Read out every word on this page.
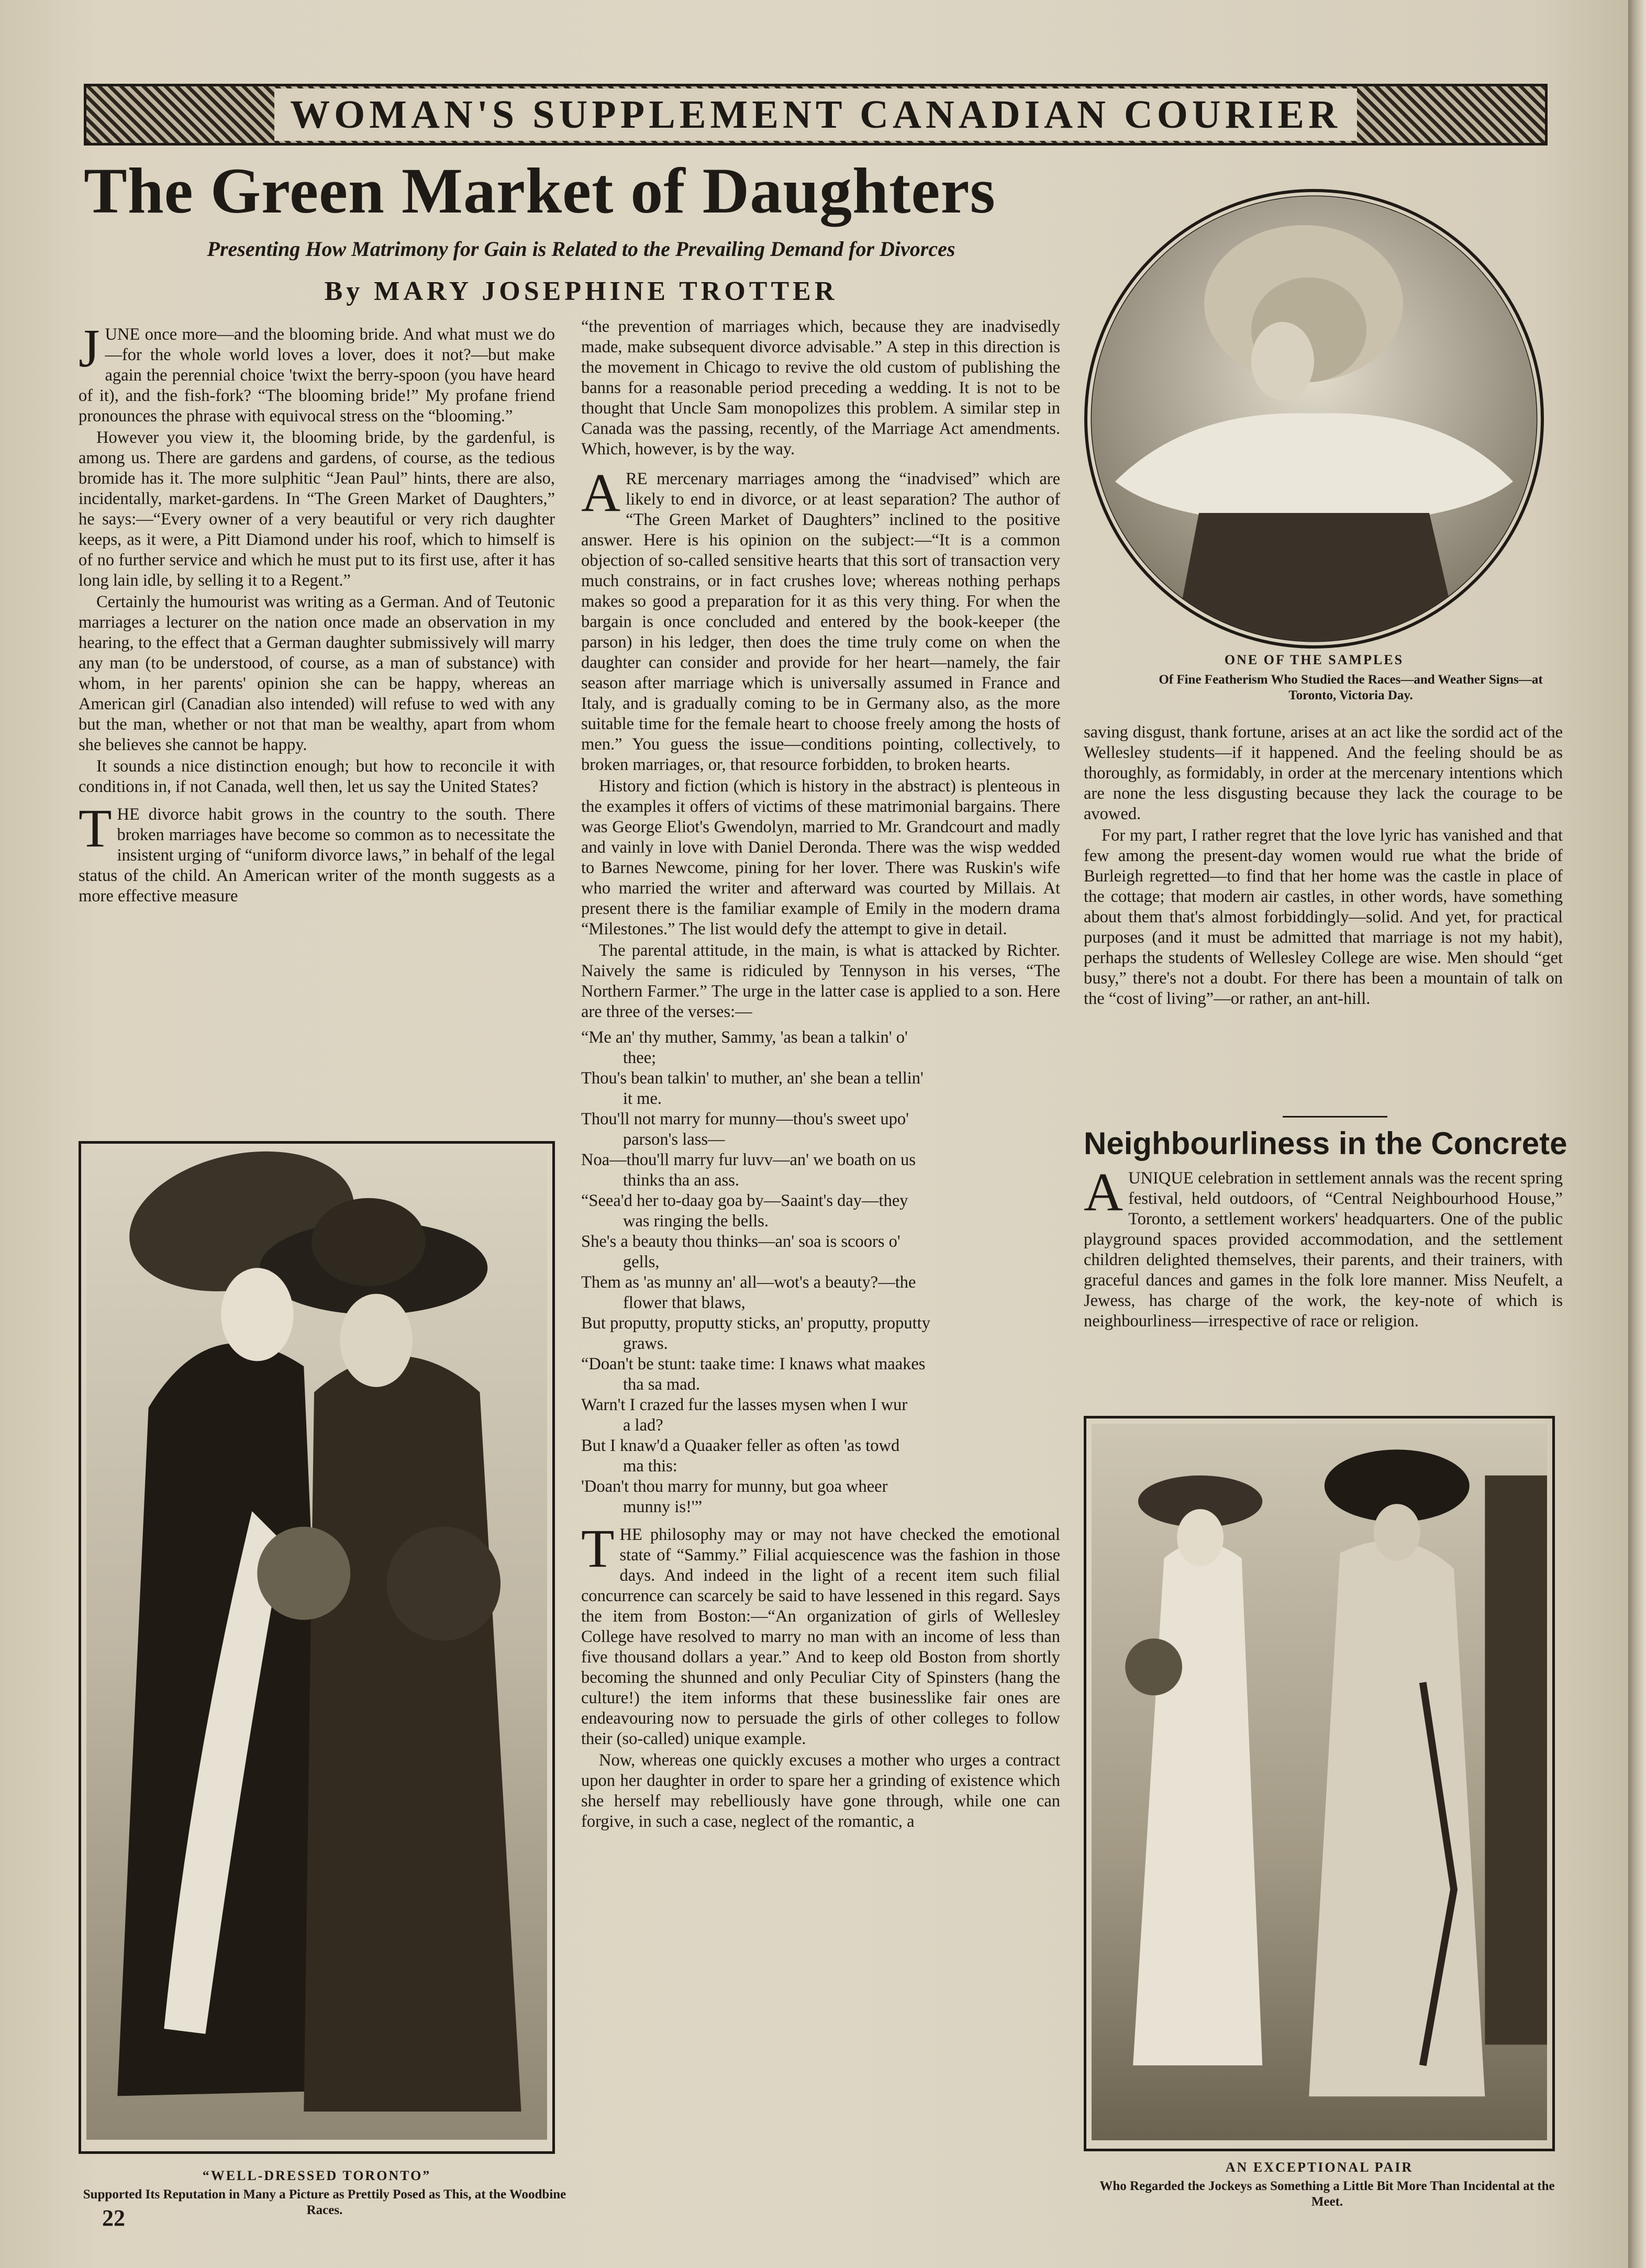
WOMAN'S SUPPLEMENT CANADIAN COURIER
The Green Market of Daughters
Presenting How Matrimony for Gain is Related to the Prevailing Demand for Divorces
By MARY JOSEPHINE TROTTER

JUNE once more—and the blooming bride. And what must we do—for the whole world loves a lover, does it not?—but make again the perennial choice 'twixt the berry-spoon (you have heard of it), and the fish-fork? “The blooming bride!” My profane friend pronounces the phrase with equivocal stress on the “blooming.”

However you view it, the blooming bride, by the gardenful, is among us. There are gardens and gardens, of course, as the tedious bromide has it. The more sulphitic “Jean Paul” hints, there are also, incidentally, market-gardens. In “The Green Market of Daughters,” he says:—“Every owner of a very beautiful or very rich daughter keeps, as it were, a Pitt Diamond under his roof, which to himself is of no further service and which he must put to its first use, after it has long lain idle, by selling it to a Regent.”

Certainly the humourist was writing as a German. And of Teutonic marriages a lecturer on the nation once made an observation in my hearing, to the effect that a German daughter submissively will marry any man (to be understood, of course, as a man of substance) with whom, in her parents' opinion she can be happy, whereas an American girl (Canadian also intended) will refuse to wed with any but the man, whether or not that man be wealthy, apart from whom she believes she cannot be happy.

It sounds a nice distinction enough; but how to reconcile it with conditions in, if not Canada, well then, let us say the United States?

THE divorce habit grows in the country to the south. There broken marriages have become so common as to necessitate the insistent urging of “uniform divorce laws,” in behalf of the legal status of the child. An American writer of the month suggests as a more effective measure

“WELL-DRESSED TORONTO”
Supported Its Reputation in Many a Picture as Prettily Posed as This, at the Woodbine Races.

“the prevention of marriages which, because they are inadvisedly made, make subsequent divorce advisable.” A step in this direction is the movement in Chicago to revive the old custom of publishing the banns for a reasonable period preceding a wedding. It is not to be thought that Uncle Sam monopolizes this problem. A similar step in Canada was the passing, recently, of the Marriage Act amendments. Which, however, is by the way.

ARE mercenary marriages among the “inadvised” which are likely to end in divorce, or at least separation? The author of “The Green Market of Daughters” inclined to the positive answer. Here is his opinion on the subject:—“It is a common objection of so-called sensitive hearts that this sort of transaction very much constrains, or in fact crushes love; whereas nothing perhaps makes so good a preparation for it as this very thing. For when the bargain is once concluded and entered by the book-keeper (the parson) in his ledger, then does the time truly come on when the daughter can consider and provide for her heart—namely, the fair season after marriage which is universally assumed in France and Italy, and is gradually coming to be in Germany also, as the more suitable time for the female heart to choose freely among the hosts of men.” You guess the issue—conditions pointing, collectively, to broken marriages, or, that resource forbidden, to broken hearts.

History and fiction (which is history in the abstract) is plenteous in the examples it offers of victims of these matrimonial bargains. There was George Eliot's Gwendolyn, married to Mr. Grandcourt and madly and vainly in love with Daniel Deronda. There was the wisp wedded to Barnes Newcome, pining for her lover. There was Ruskin's wife who married the writer and afterward was courted by Millais. At present there is the familiar example of Emily in the modern drama “Milestones.” The list would defy the attempt to give in detail.

The parental attitude, in the main, is what is attacked by Richter. Naively the same is ridiculed by Tennyson in his verses, “The Northern Farmer.” The urge in the latter case is applied to a son. Here are three of the verses:—

“Me an' thy muther, Sammy, 'as bean a talkin' o'
thee;
Thou's bean talkin' to muther, an' she bean a tellin'
it me.
Thou'll not marry for munny—thou's sweet upo'
parson's lass—
Noa—thou'll marry fur luvv—an' we boath on us
thinks tha an ass.
“Seea'd her to-daay goa by—Saaint's day—they
was ringing the bells.
She's a beauty thou thinks—an' soa is scoors o'
gells,
Them as 'as munny an' all—wot's a beauty?—the
flower that blaws,
But proputty, proputty sticks, an' proputty, proputty
graws.
“Doan't be stunt: taake time: I knaws what maakes
tha sa mad.
Warn't I crazed fur the lasses mysen when I wur
a lad?
But I knaw'd a Quaaker feller as often 'as towd
ma this:
'Doan't thou marry for munny, but goa wheer
munny is!'”

THE philosophy may or may not have checked the emotional state of “Sammy.” Filial acquiescence was the fashion in those days. And indeed in the light of a recent item such filial concurrence can scarcely be said to have lessened in this regard. Says the item from Boston:—“An organization of girls of Wellesley College have resolved to marry no man with an income of less than five thousand dollars a year.” And to keep old Boston from shortly becoming the shunned and only Peculiar City of Spinsters (hang the culture!) the item informs that these businesslike fair ones are endeavouring now to persuade the girls of other colleges to follow their (so-called) unique example.

Now, whereas one quickly excuses a mother who urges a contract upon her daughter in order to spare her a grinding of existence which she herself may rebelliously have gone through, while one can forgive, in such a case, neglect of the romantic, a

ONE OF THE SAMPLES
Of Fine Featherism Who Studied the Races—and Weather Signs—at Toronto, Victoria Day.

saving disgust, thank fortune, arises at an act like the sordid act of the Wellesley students—if it happened. And the feeling should be as thoroughly, as formidably, in order at the mercenary intentions which are none the less disgusting because they lack the courage to be avowed.

For my part, I rather regret that the love lyric has vanished and that few among the present-day women would rue what the bride of Burleigh regretted—to find that her home was the castle in place of the cottage; that modern air castles, in other words, have something about them that's almost forbiddingly—solid. And yet, for practical purposes (and it must be admitted that marriage is not my habit), perhaps the students of Wellesley College are wise. Men should “get busy,” there's not a doubt. For there has been a mountain of talk on the “cost of living”—or rather, an ant-hill.

Neighbourliness in the Concrete

AUNIQUE celebration in settlement annals was the recent spring festival, held outdoors, of “Central Neighbourhood House,” Toronto, a settlement workers' headquarters. One of the public playground spaces provided accommodation, and the settlement children delighted themselves, their parents, and their trainers, with graceful dances and games in the folk lore manner. Miss Neufelt, a Jewess, has charge of the work, the key-note of which is neighbourliness—irrespective of race or religion.

AN EXCEPTIONAL PAIR
Who Regarded the Jockeys as Something a Little Bit More Than Incidental at the Meet.
22
